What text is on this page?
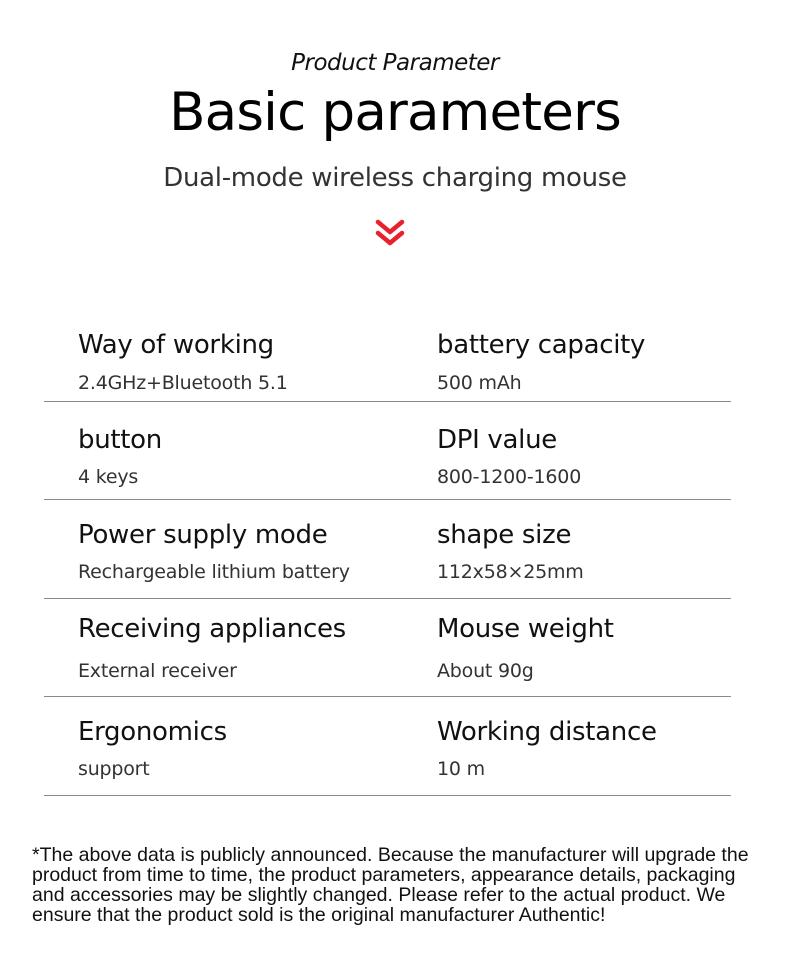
Product Parameter
Basic parameters
Dual-mode wireless charging mouse
Way of working
2.4GHz+Bluetooth 5.1
battery capacity
500 mAh
button
4 keys
DPI value
800-1200-1600
Power supply mode
Rechargeable lithium battery
shape size
112x58×25mm
Receiving appliances
External receiver
Mouse weight
About 90g
Ergonomics
support
Working distance
10 m
*The above data is publicly announced. Because the manufacturer will upgrade the product from time to time, the product parameters, appearance details, packaging and accessories may be slightly changed. Please refer to the actual product. We ensure that the product sold is the original manufacturer Authentic!
